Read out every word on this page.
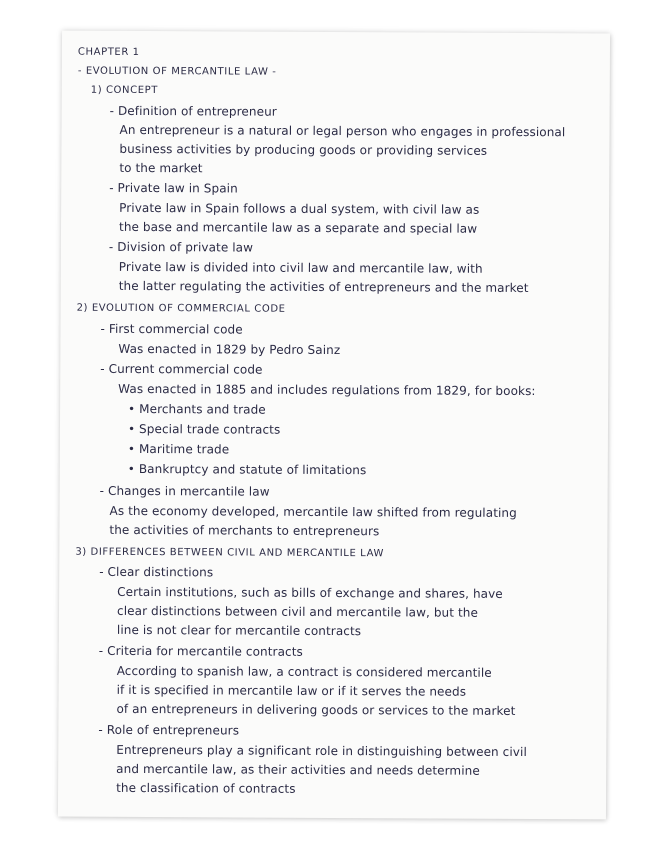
CHAPTER 1
- EVOLUTION OF MERCANTILE LAW -
1) CONCEPT
- Definition of entrepreneur
An entrepreneur is a natural or legal person who engages in professional
business activities by producing goods or providing services
to the market
- Private law in Spain
Private law in Spain follows a dual system, with civil law as
the base and mercantile law as a separate and special law
- Division of private law
Private law is divided into civil law and mercantile law, with
the latter regulating the activities of entrepreneurs and the market
2) EVOLUTION OF COMMERCIAL CODE
- First commercial code
Was enacted in 1829 by Pedro Sainz
- Current commercial code
Was enacted in 1885 and includes regulations from 1829, for books:
• Merchants and trade
• Special trade contracts
• Maritime trade
• Bankruptcy and statute of limitations
- Changes in mercantile law
As the economy developed, mercantile law shifted from regulating
the activities of merchants to entrepreneurs
3) DIFFERENCES BETWEEN CIVIL AND MERCANTILE LAW
- Clear distinctions
Certain institutions, such as bills of exchange and shares, have
clear distinctions between civil and mercantile law, but the
line is not clear for mercantile contracts
- Criteria for mercantile contracts
According to spanish law, a contract is considered mercantile
if it is specified in mercantile law or if it serves the needs
of an entrepreneurs in delivering goods or services to the market
- Role of entrepreneurs
Entrepreneurs play a significant role in distinguishing between civil
and mercantile law, as their activities and needs determine
the classification of contracts
